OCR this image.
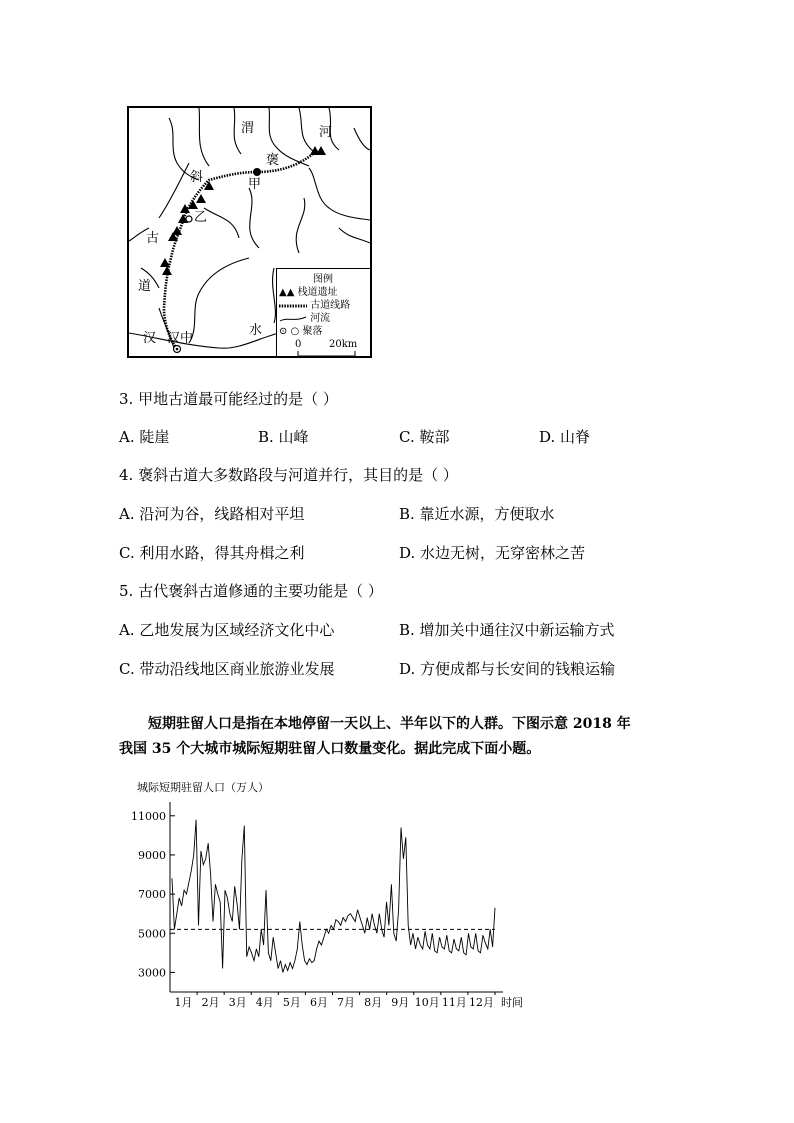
渭	河
褒
甲
斜
乙
古
道
汉 汉中
水
图例
▲▲ 栈道遗址
古道线路
河流
⊙ ○ 聚落
0	20km
3. 甲地古道最可能经过的是（ ）
A. 陡崖	B. 山峰	C. 鞍部	D. 山脊
4. 褒斜古道大多数路段与河道并行，其目的是（ ）
A. 沿河为谷，线路相对平坦	B. 靠近水源，方便取水
C. 利用水路，得其舟楫之利	D. 水边无树，无穿密林之苦
5. 古代褒斜古道修通的主要功能是（ ）
A. 乙地发展为区域经济文化中心	B. 增加关中通往汉中新运输方式
C. 带动沿线地区商业旅游业发展	D. 方便成都与长安间的钱粮运输
短期驻留人口是指在本地停留一天以上、半年以下的人群。下图示意 2018 年我国 35 个大城市城际短期驻留人口数量变化。据此完成下面小题。
城际短期驻留人口（万人）
3000
5000
7000
9000
11000
1月 2月 3月 4月 5月 6月 7月 8月 9月 10月 11月 12月 时间
